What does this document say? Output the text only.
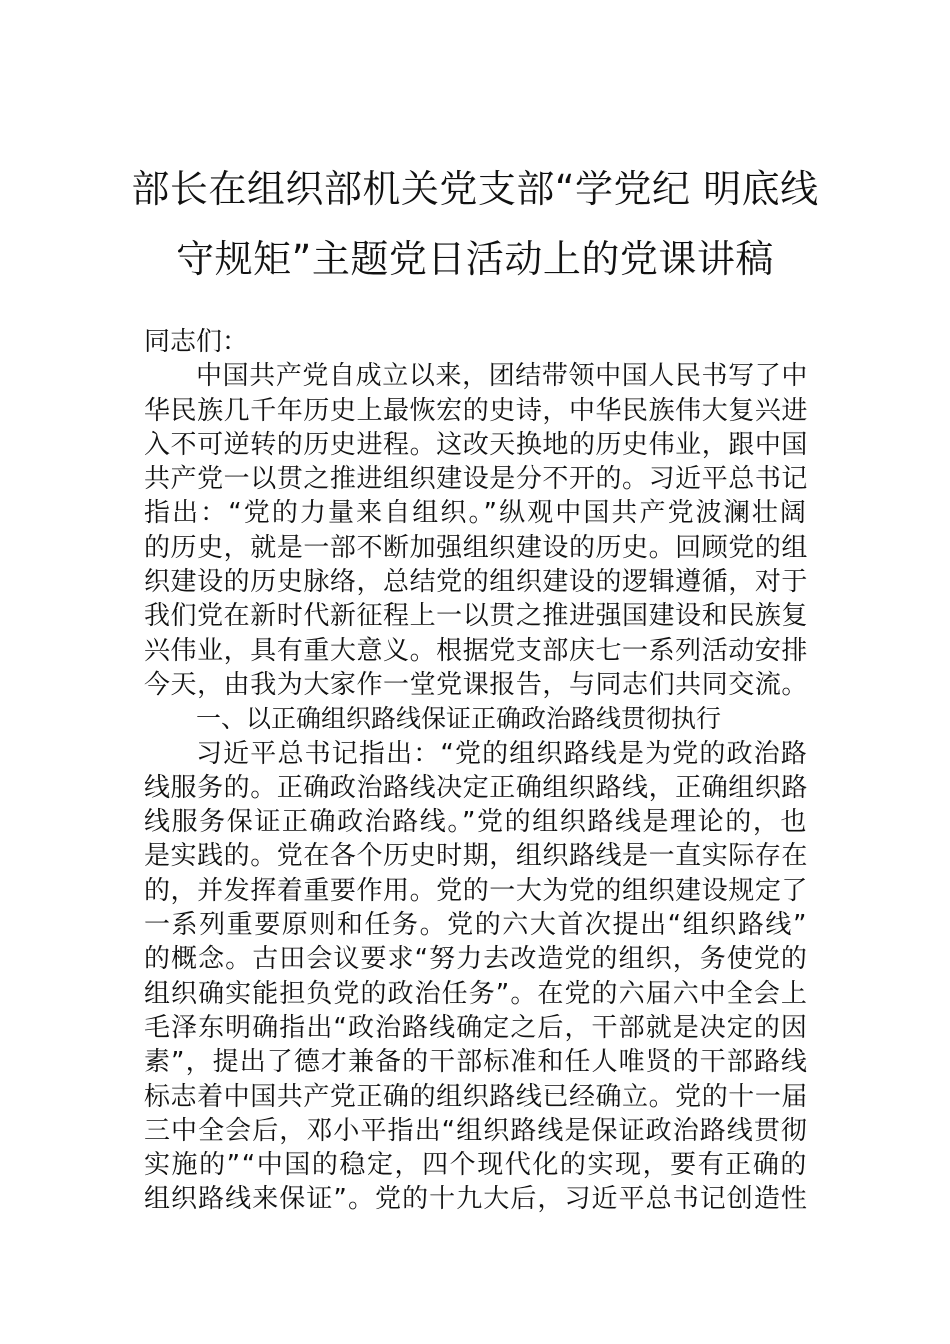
部长在组织部机关党支部“学党纪 明底线
守规矩”主题党日活动上的党课讲稿
同志们：
中国共产党自成立以来，团结带领中国人民书写了中
华民族几千年历史上最恢宏的史诗，中华民族伟大复兴进
入不可逆转的历史进程。这改天换地的历史伟业，跟中国
共产党一以贯之推进组织建设是分不开的。习近平总书记
指出：“党的力量来自组织。”纵观中国共产党波澜壮阔
的历史，就是一部不断加强组织建设的历史。回顾党的组
织建设的历史脉络，总结党的组织建设的逻辑遵循，对于
我们党在新时代新征程上一以贯之推进强国建设和民族复
兴伟业，具有重大意义。根据党支部庆七一系列活动安排
今天，由我为大家作一堂党课报告，与同志们共同交流。
一、以正确组织路线保证正确政治路线贯彻执行
习近平总书记指出：“党的组织路线是为党的政治路
线服务的。正确政治路线决定正确组织路线，正确组织路
线服务保证正确政治路线。”党的组织路线是理论的，也
是实践的。党在各个历史时期，组织路线是一直实际存在
的，并发挥着重要作用。党的一大为党的组织建设规定了
一系列重要原则和任务。党的六大首次提出“组织路线”
的概念。古田会议要求“努力去改造党的组织，务使党的
组织确实能担负党的政治任务”。在党的六届六中全会上
毛泽东明确指出“政治路线确定之后，干部就是决定的因
素”，提出了德才兼备的干部标准和任人唯贤的干部路线
标志着中国共产党正确的组织路线已经确立。党的十一届
三中全会后，邓小平指出“组织路线是保证政治路线贯彻
实施的”“中国的稳定，四个现代化的实现，要有正确的
组织路线来保证”。党的十九大后，习近平总书记创造性
